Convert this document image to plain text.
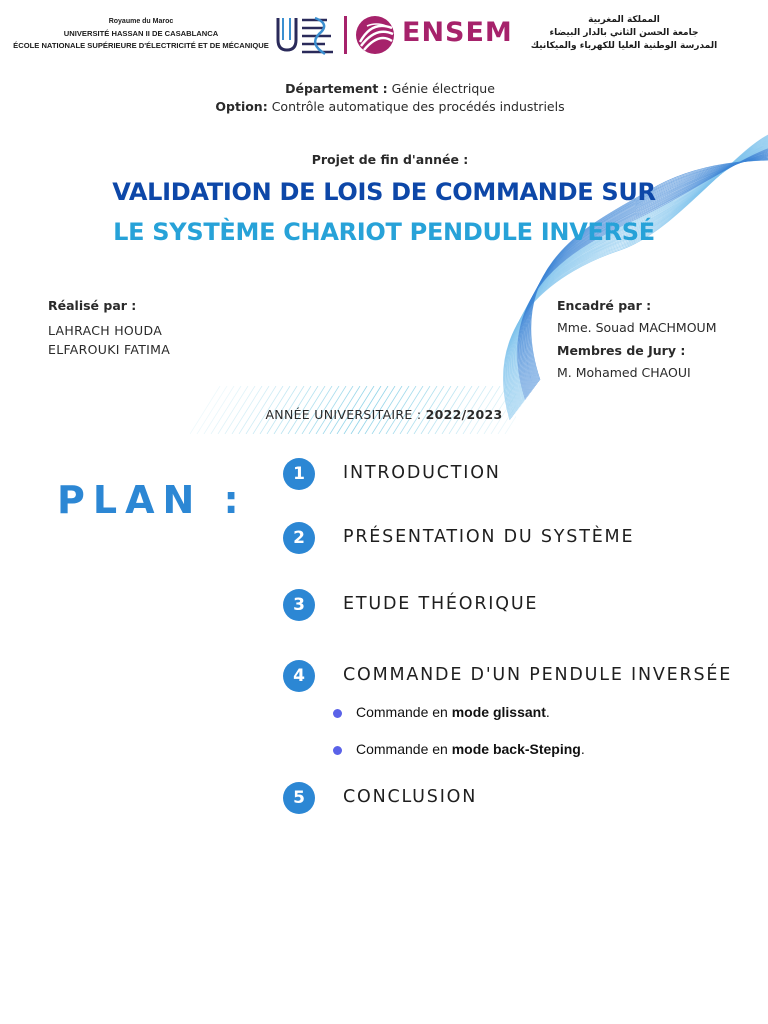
Royaume du Maroc
UNIVERSITÉ HASSAN II DE CASABLANCA
ÉCOLE NATIONALE SUPÉRIEURE D'ÉLECTRICITÉ ET DE MÉCANIQUE	ENSEM	المملكة المغربية
جامعة الحسن الثاني بالدار البيضاء
المدرسة الوطنية العليا للكهرباء والميكانيك
Département : Génie électrique
Option: Contrôle automatique des procédés industriels
Projet de fin d'année :
VALIDATION DE LOIS DE COMMANDE SUR
LE SYSTÈME CHARIOT PENDULE INVERSÉ
Réalisé par :
LAHRACH HOUDA
ELFAROUKI FATIMA
Encadré par :
Mme. Souad MACHMOUM
Membres de Jury :
M. Mohamed CHAOUI
ANNÉE UNIVERSITAIRE : 2022/2023
PLAN :
1	INTRODUCTION
2	PRÉSENTATION DU SYSTÈME
3	ETUDE THÉORIQUE
4	COMMANDE D'UN PENDULE INVERSÉE
Commande en mode glissant.
Commande en mode back-Steping.
5	CONCLUSION
